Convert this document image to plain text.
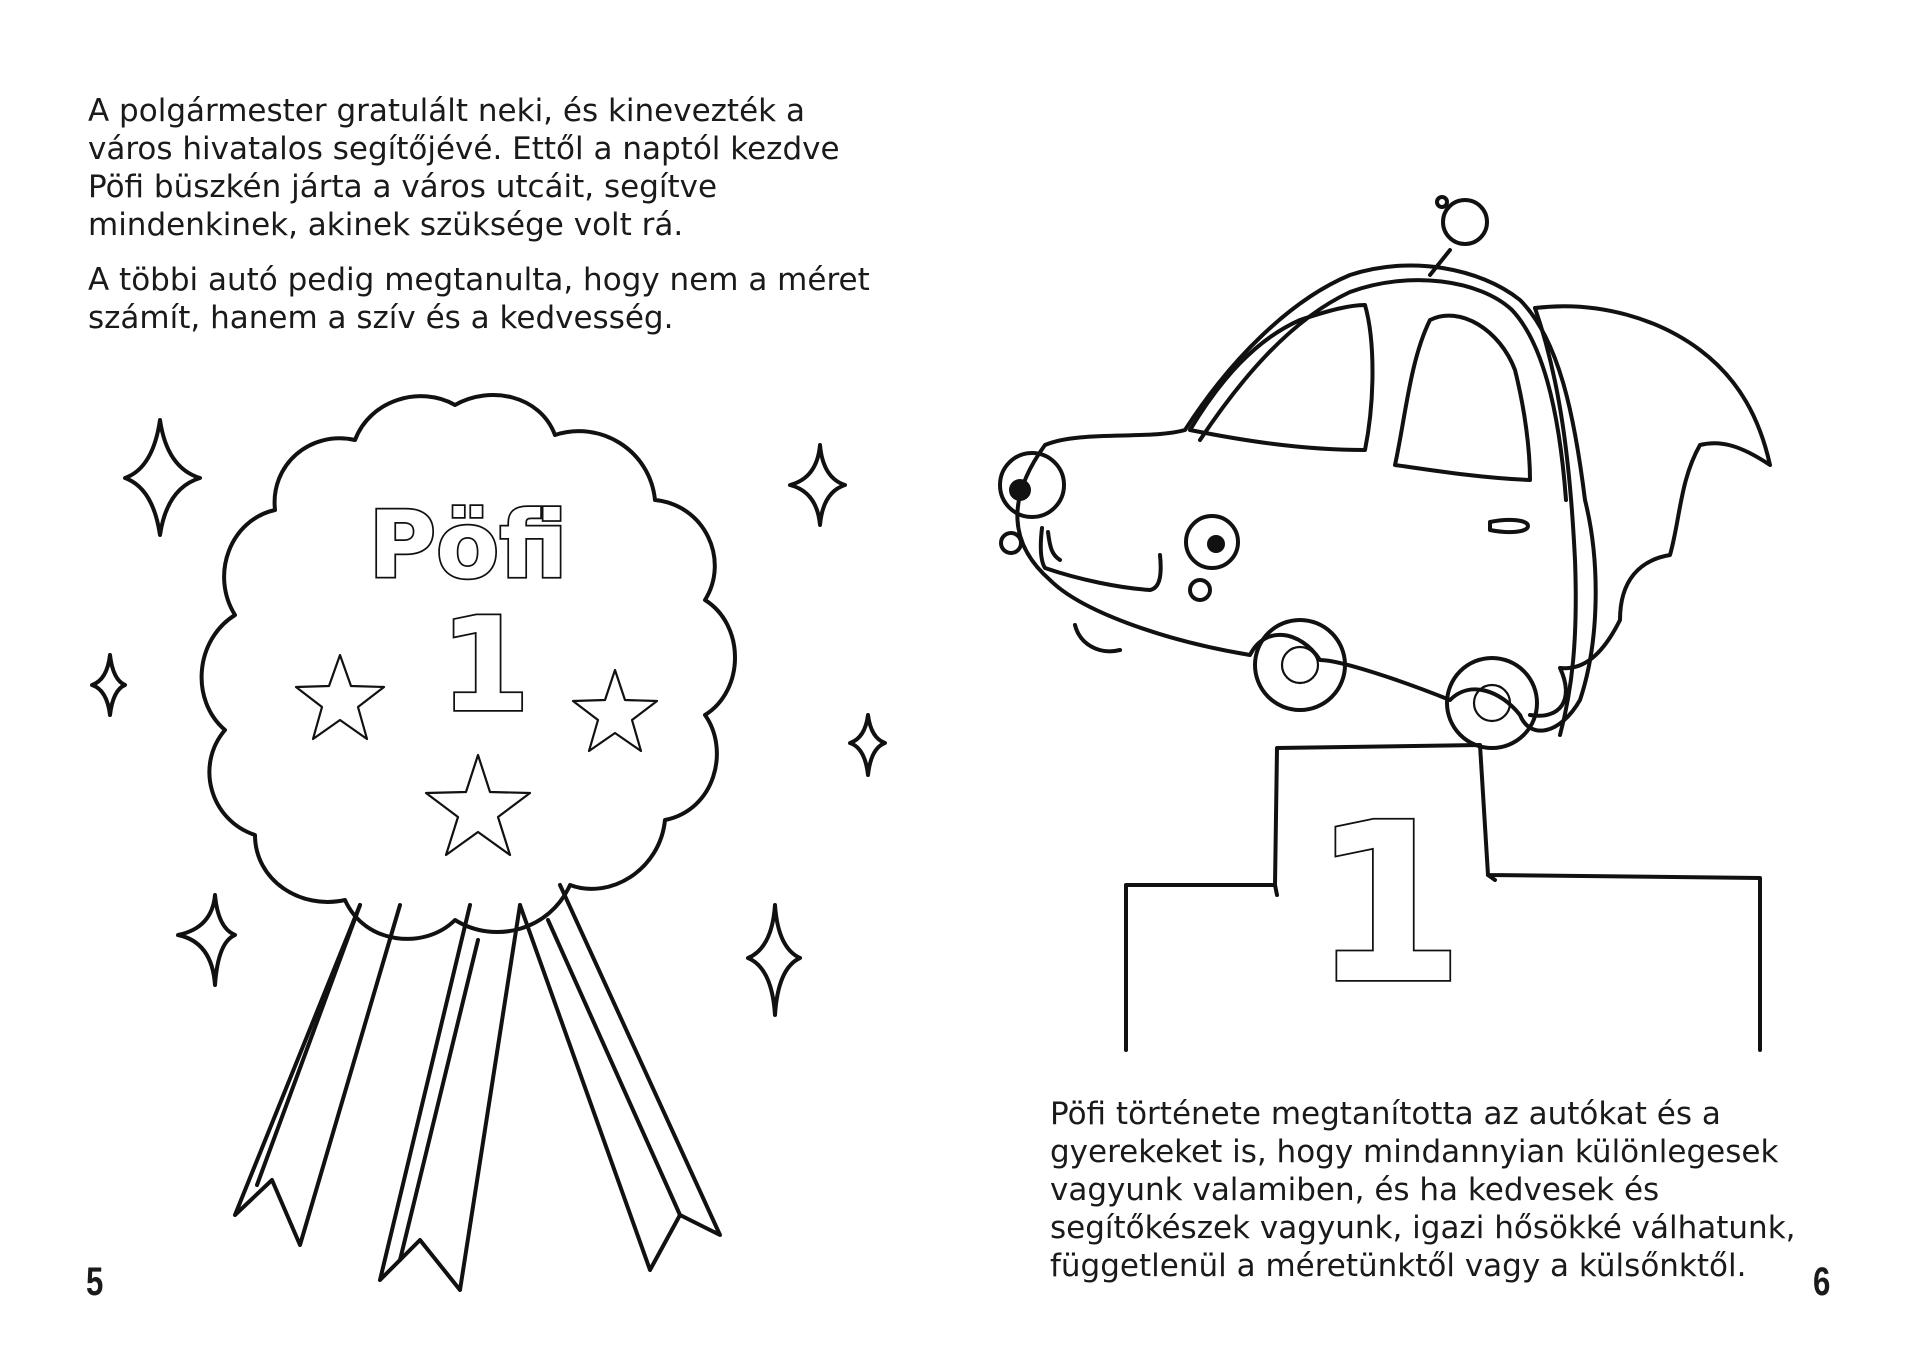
A polgármester gratulált neki, és kinevezték a város hivatalos segítőjévé. Ettől a naptól kezdve Pöfi büszkén járta a város utcáit, segítve mindenkinek, akinek szüksége volt rá.

A többi autó pedig megtanulta, hogy nem a méret számít, hanem a szív és a kedvesség.

5

Pöfi története megtanította az autókat és a gyerekeket is, hogy mindannyian különlegesek vagyunk valamiben, és ha kedvesek és segítőkészek vagyunk, igazi hősökké válhatunk, függetlenül a méretünktől vagy a külsőnktől.	6
Pöfi
1
1
